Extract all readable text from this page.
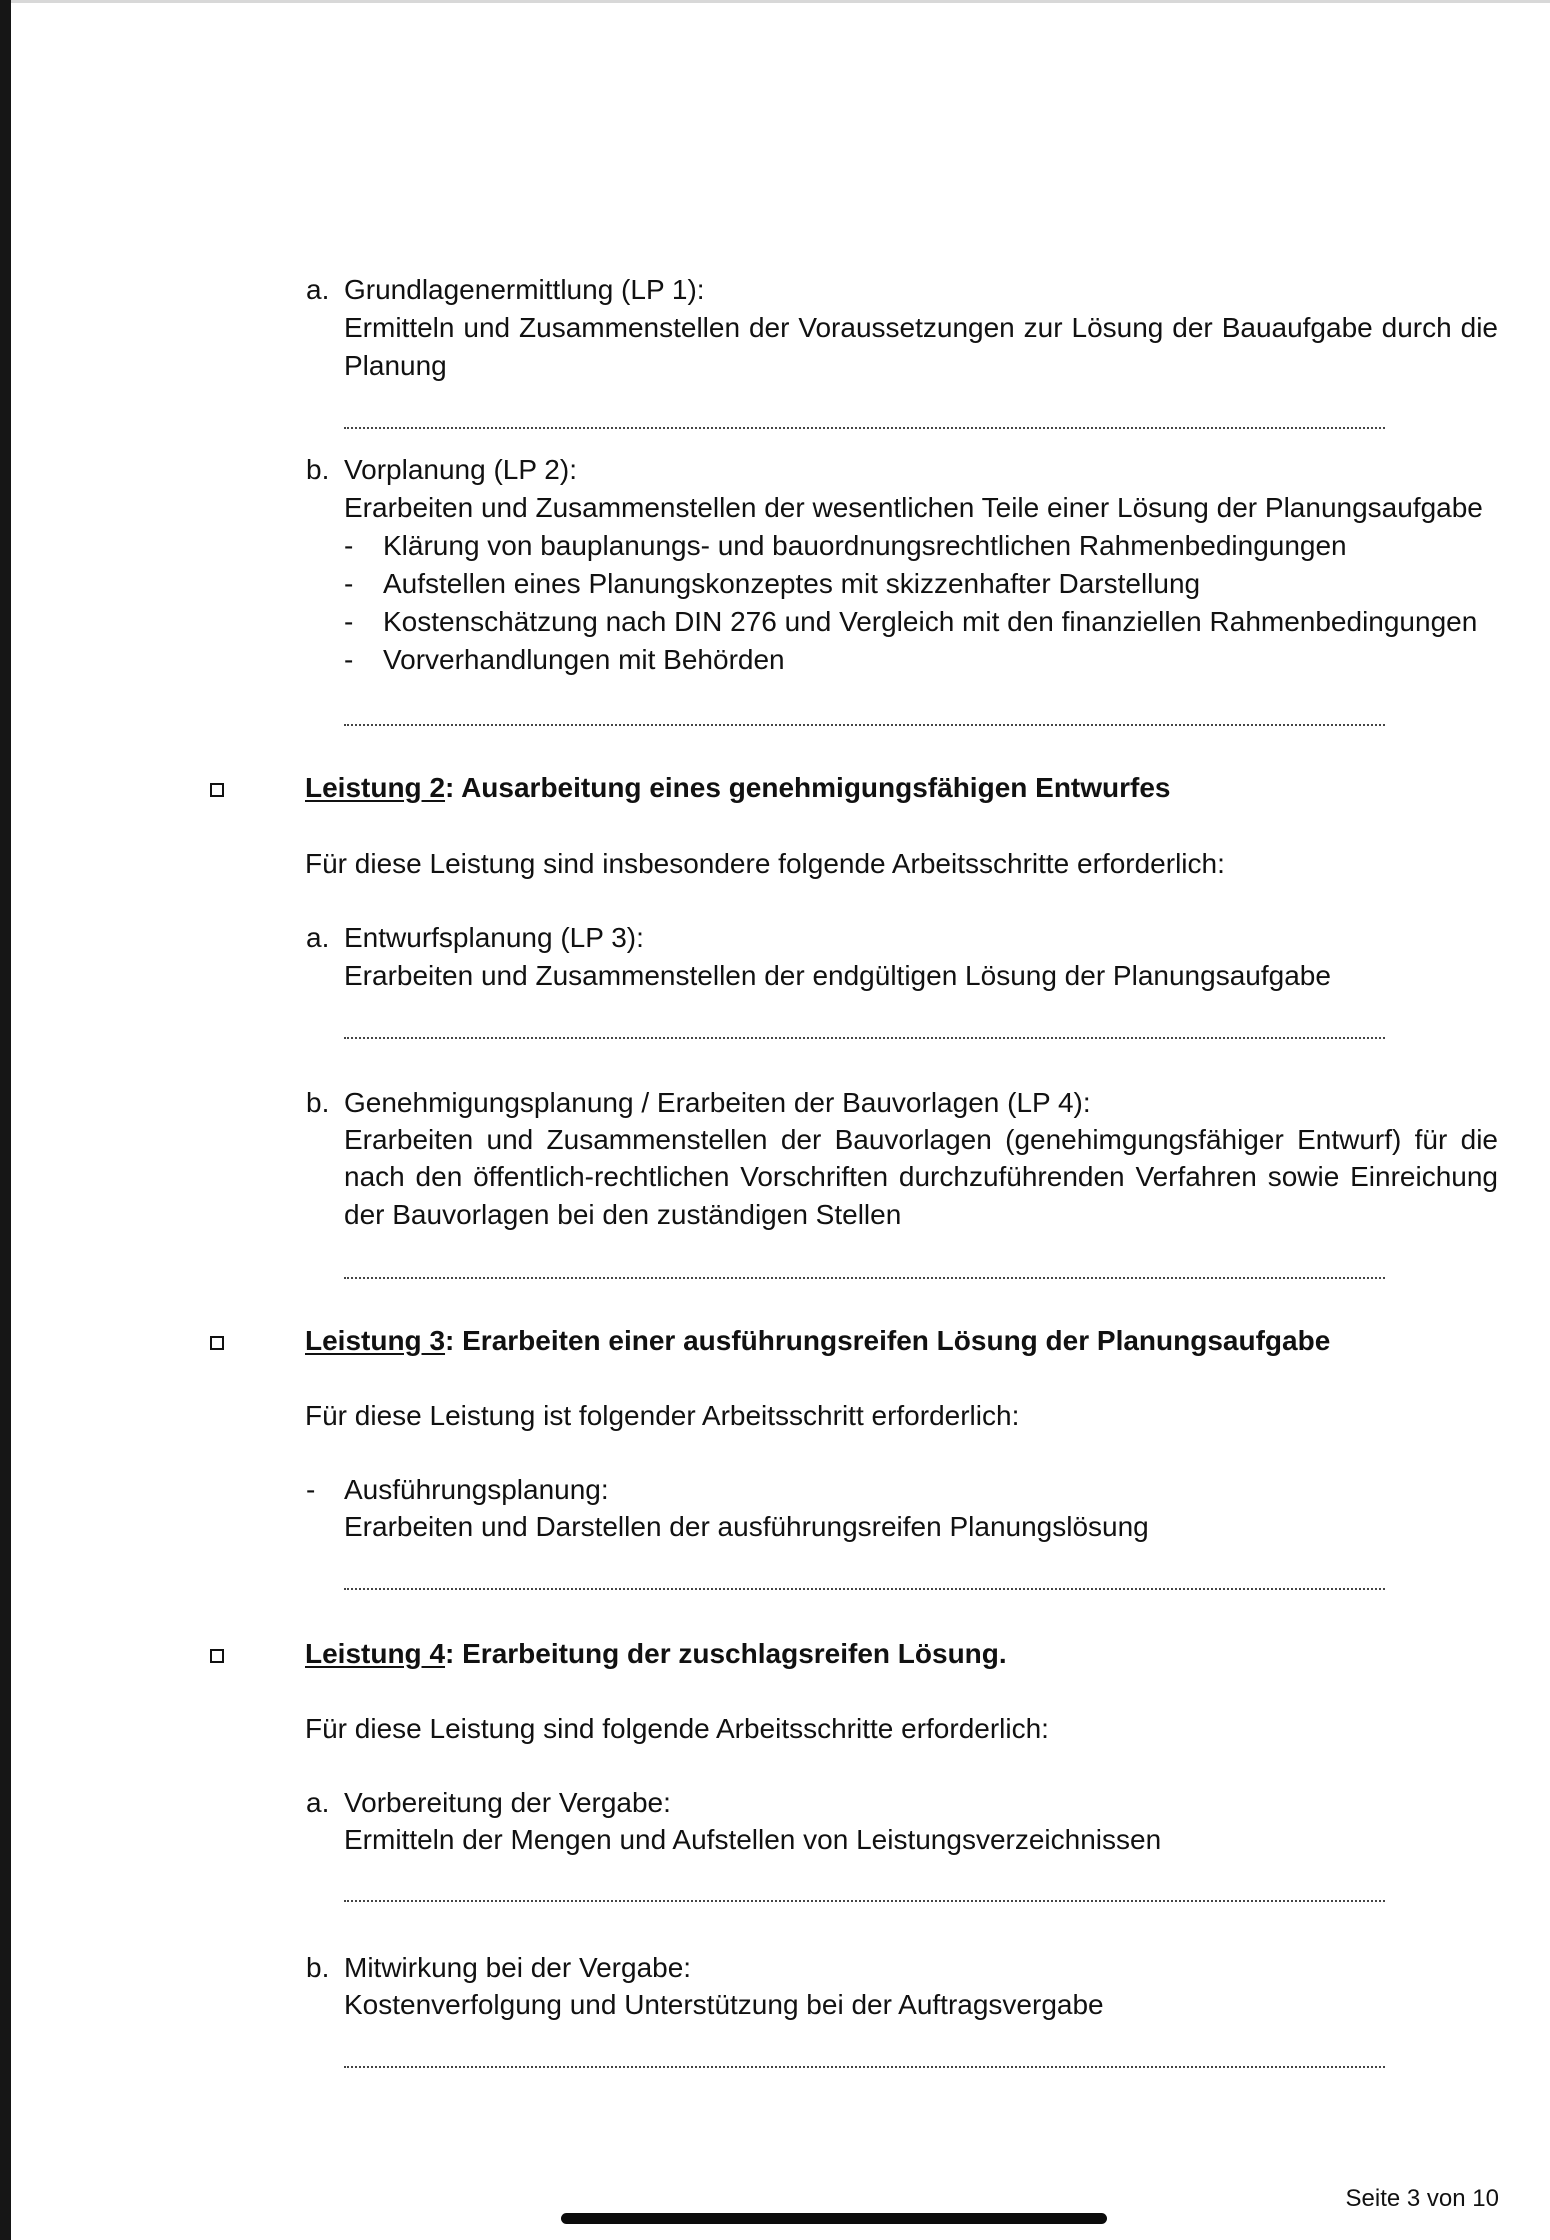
a. Grundlagenermittlung (LP 1):
Ermitteln und Zusammenstellen der Voraussetzungen zur Lösung der Bauaufgabe durch die
Planung
b. Vorplanung (LP 2):
Erarbeiten und Zusammenstellen der wesentlichen Teile einer Lösung der Planungsaufgabe
- Klärung von bauplanungs- und bauordnungsrechtlichen Rahmenbedingungen
- Aufstellen eines Planungskonzeptes mit skizzenhafter Darstellung
- Kostenschätzung nach DIN 276 und Vergleich mit den finanziellen Rahmenbedingungen
- Vorverhandlungen mit Behörden
Leistung 2: Ausarbeitung eines genehmigungsfähigen Entwurfes
Für diese Leistung sind insbesondere folgende Arbeitsschritte erforderlich:
a. Entwurfsplanung (LP 3):
Erarbeiten und Zusammenstellen der endgültigen Lösung der Planungsaufgabe
b. Genehmigungsplanung / Erarbeiten der Bauvorlagen (LP 4):
Erarbeiten und Zusammenstellen der Bauvorlagen (genehimgungsfähiger Entwurf) für die
nach den öffentlich-rechtlichen Vorschriften durchzuführenden Verfahren sowie Einreichung
der Bauvorlagen bei den zuständigen Stellen
Leistung 3: Erarbeiten einer ausführungsreifen Lösung der Planungsaufgabe
Für diese Leistung ist folgender Arbeitsschritt erforderlich:
- Ausführungsplanung:
Erarbeiten und Darstellen der ausführungsreifen Planungslösung
Leistung 4: Erarbeitung der zuschlagsreifen Lösung.
Für diese Leistung sind folgende Arbeitsschritte erforderlich:
a. Vorbereitung der Vergabe:
Ermitteln der Mengen und Aufstellen von Leistungsverzeichnissen
b. Mitwirkung bei der Vergabe:
Kostenverfolgung und Unterstützung bei der Auftragsvergabe
Seite 3 von 10
